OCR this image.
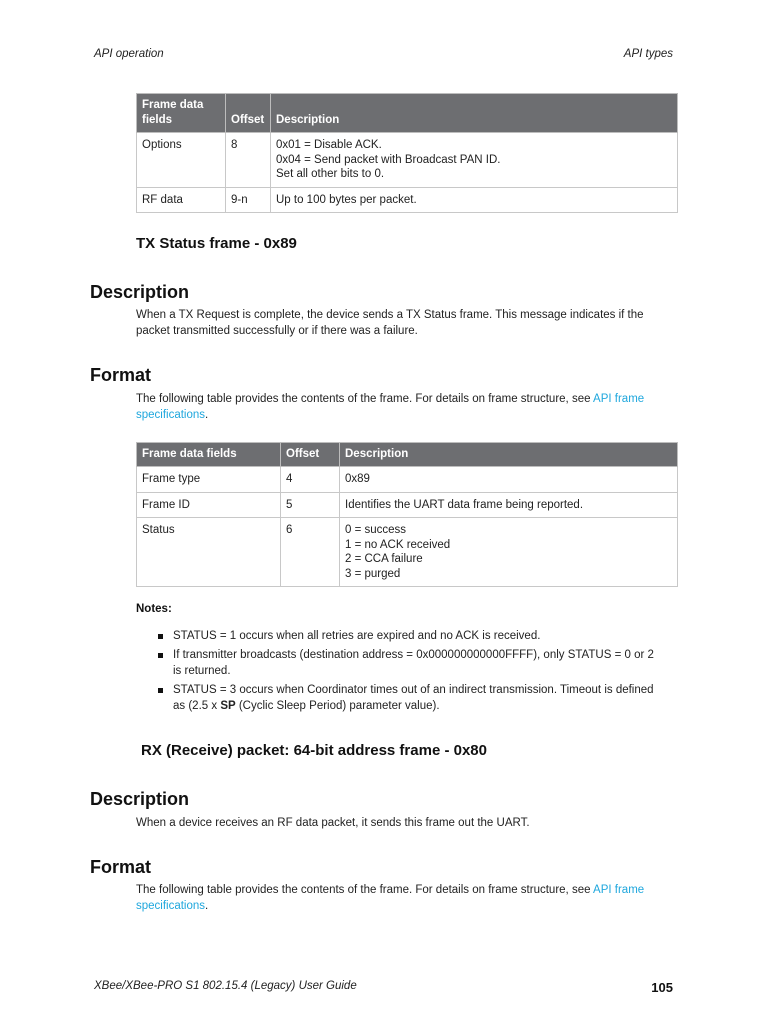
API operation	API types
Frame data fields	Offset	Description
Options	8	0x01 = Disable ACK.
0x04 = Send packet with Broadcast PAN ID.
Set all other bits to 0.

RF data	9-n	Up to 100 bytes per packet.
TX Status frame - 0x89
Description
When a TX Request is complete, the device sends a TX Status frame. This message indicates if the
packet transmitted successfully or if there was a failure.
Format
The following table provides the contents of the frame. For details on frame structure, see API frame
specifications.
Frame data fields	Offset	Description
Frame type	4	0x89

Frame ID	5	Identifies the UART data frame being reported.

Status	6	0 = success
1 = no ACK received
2 = CCA failure
3 = purged
Notes:
STATUS = 1 occurs when all retries are expired and no ACK is received.
If transmitter broadcasts (destination address = 0x000000000000FFFF), only STATUS = 0 or 2
is returned.
STATUS = 3 occurs when Coordinator times out of an indirect transmission. Timeout is defined
as (2.5 x SP (Cyclic Sleep Period) parameter value).
RX (Receive) packet: 64-bit address frame - 0x80
Description
When a device receives an RF data packet, it sends this frame out the UART.
Format
The following table provides the contents of the frame. For details on frame structure, see API frame
specifications.
XBee/XBee-PRO S1 802.15.4 (Legacy) User Guide	105
